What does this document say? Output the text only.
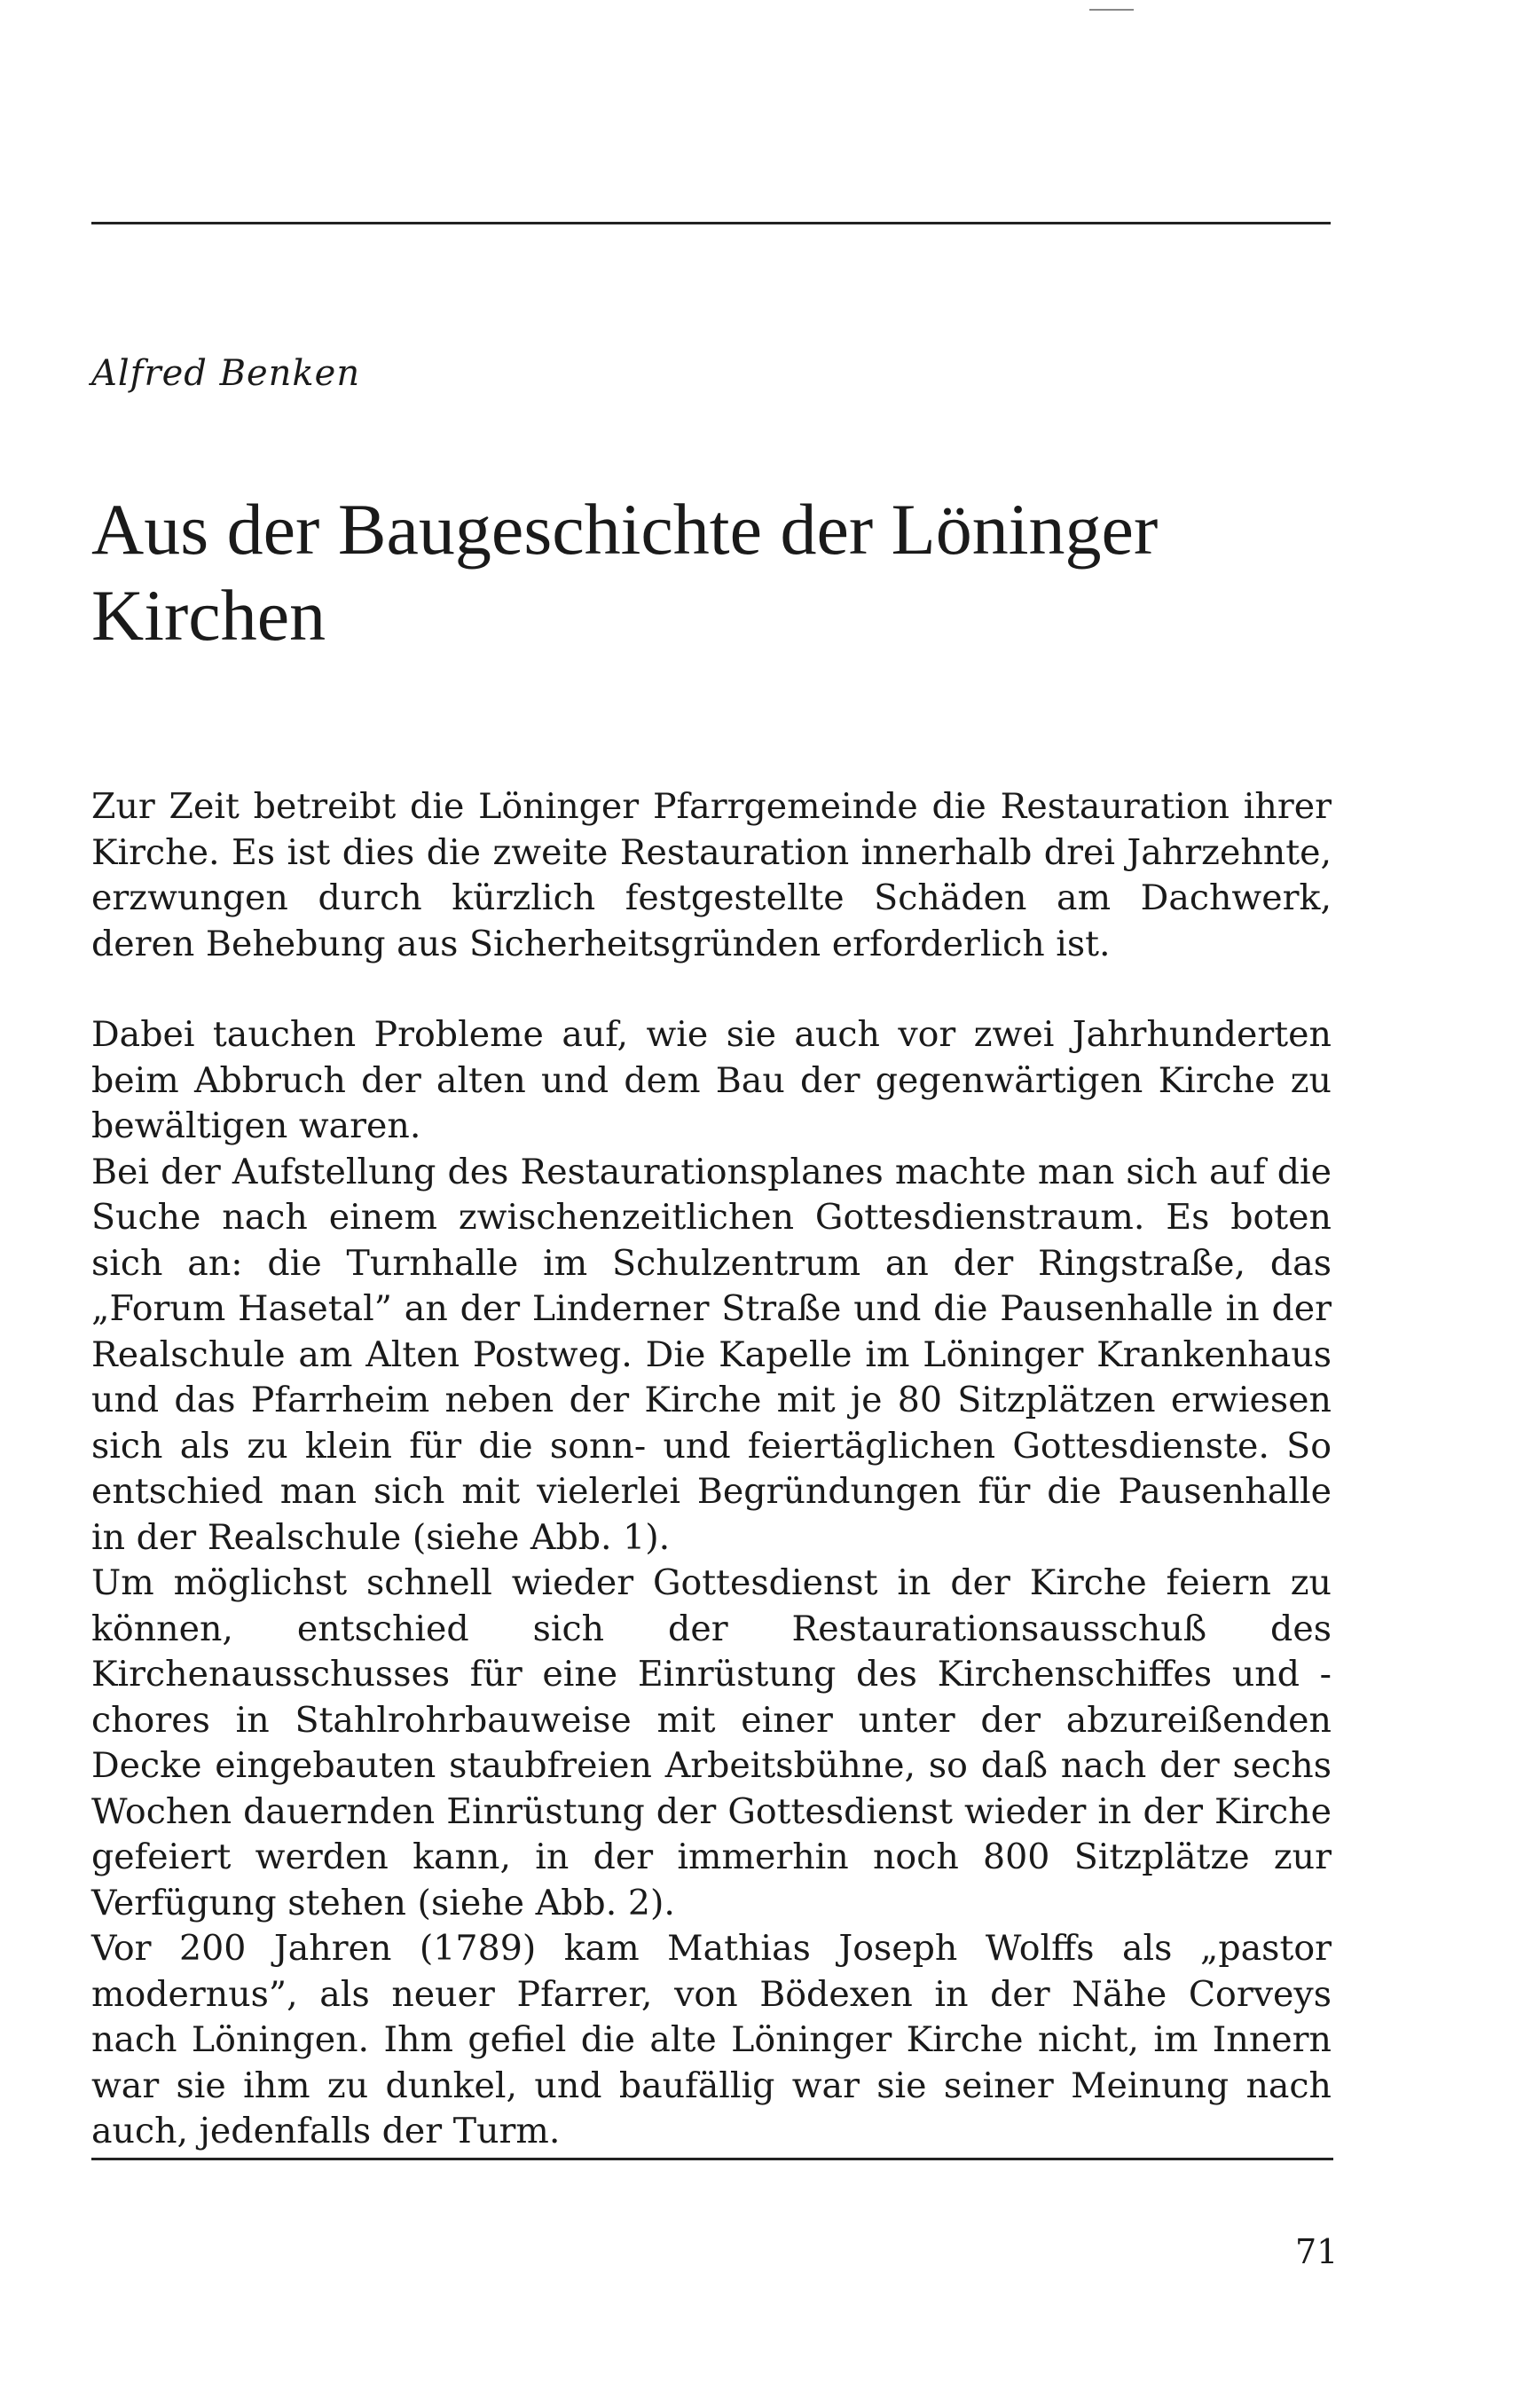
Alfred Benken
Aus der Baugeschichte der Löninger Kirchen

Zur Zeit betreibt die Löninger Pfarrgemeinde die Restauration ihrer Kirche. Es ist dies die zweite Restauration innerhalb drei Jahrzehnte, erzwungen durch kürzlich festgestellte Schäden am Dachwerk, deren Behebung aus Sicherheitsgründen erforderlich ist.

Dabei tauchen Probleme auf, wie sie auch vor zwei Jahrhunderten beim Abbruch der alten und dem Bau der gegenwärtigen Kirche zu bewältigen waren.

Bei der Aufstellung des Restaurationsplanes machte man sich auf die Suche nach einem zwischenzeitlichen Gottesdienstraum. Es boten sich an: die Turnhalle im Schulzentrum an der Ringstraße, das „Forum Hasetal” an der Linderner Straße und die Pausenhalle in der Realschule am Alten Postweg. Die Kapelle im Löninger Krankenhaus und das Pfarrheim neben der Kirche mit je 80 Sitzplätzen erwiesen sich als zu klein für die sonn- und feiertäglichen Gottesdienste. So entschied man sich mit vielerlei Begründungen für die Pausenhalle in der Realschule (siehe Abb. 1).

Um möglichst schnell wieder Gottesdienst in der Kirche feiern zu können, entschied sich der Restaurationsausschuß des Kirchenausschusses für eine Einrüstung des Kirchenschiffes und -chores in Stahlrohrbauweise mit einer unter der abzureißenden Decke eingebauten staubfreien Arbeitsbühne, so daß nach der sechs Wochen dauernden Einrüstung der Gottesdienst wieder in der Kirche gefeiert werden kann, in der immerhin noch 800 Sitzplätze zur Verfügung stehen (siehe Abb. 2).

Vor 200 Jahren (1789) kam Mathias Joseph Wolffs als „pastor modernus”, als neuer Pfarrer, von Bödexen in der Nähe Corveys nach Löningen. Ihm gefiel die alte Löninger Kirche nicht, im Innern war sie ihm zu dunkel, und baufällig war sie seiner Meinung nach auch, jedenfalls der Turm.

71
